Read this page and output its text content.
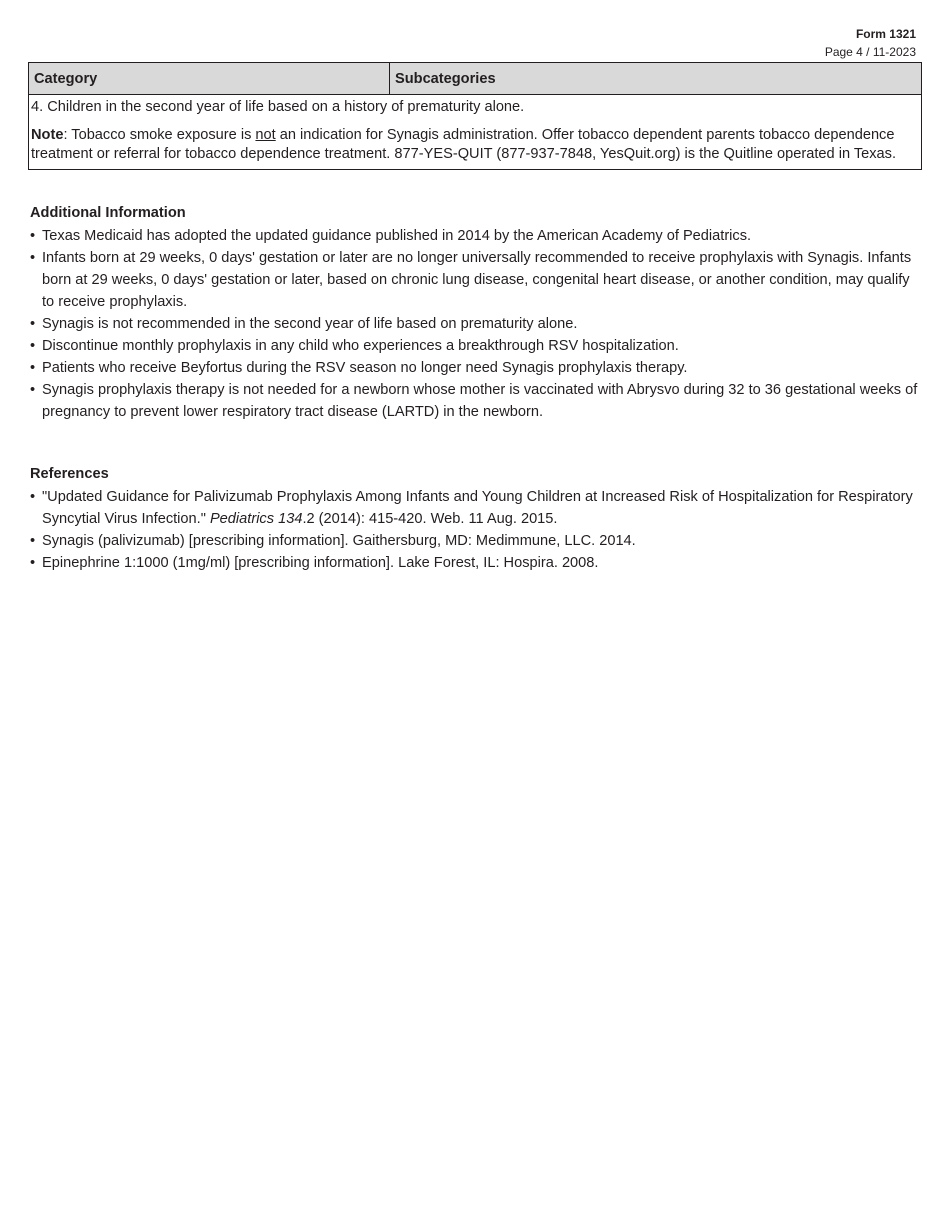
Form 1321
Page 4 / 11-2023
Category	Subcategories

4. Children in the second year of life based on a history of prematurity alone.

Note: Tobacco smoke exposure is not an indication for Synagis administration. Offer tobacco dependent parents tobacco dependence treatment or referral for tobacco dependence treatment. 877-YES-QUIT (877-937-7848, YesQuit.org) is the Quitline operated in Texas.

Additional Information
• Texas Medicaid has adopted the updated guidance published in 2014 by the American Academy of Pediatrics.
• Infants born at 29 weeks, 0 days' gestation or later are no longer universally recommended to receive prophylaxis with Synagis. Infants born at 29 weeks, 0 days' gestation or later, based on chronic lung disease, congenital heart disease, or another condition, may qualify to receive prophylaxis.
• Synagis is not recommended in the second year of life based on prematurity alone.
• Discontinue monthly prophylaxis in any child who experiences a breakthrough RSV hospitalization.
• Patients who receive Beyfortus during the RSV season no longer need Synagis prophylaxis therapy.
• Synagis prophylaxis therapy is not needed for a newborn whose mother is vaccinated with Abrysvo during 32 to 36 gestational weeks of pregnancy to prevent lower respiratory tract disease (LARTD) in the newborn.
References
• "Updated Guidance for Palivizumab Prophylaxis Among Infants and Young Children at Increased Risk of Hospitalization for Respiratory Syncytial Virus Infection." Pediatrics 134.2 (2014): 415-420. Web. 11 Aug. 2015.
• Synagis (palivizumab) [prescribing information]. Gaithersburg, MD: Medimmune, LLC. 2014.
• Epinephrine 1:1000 (1mg/ml) [prescribing information]. Lake Forest, IL: Hospira. 2008.
